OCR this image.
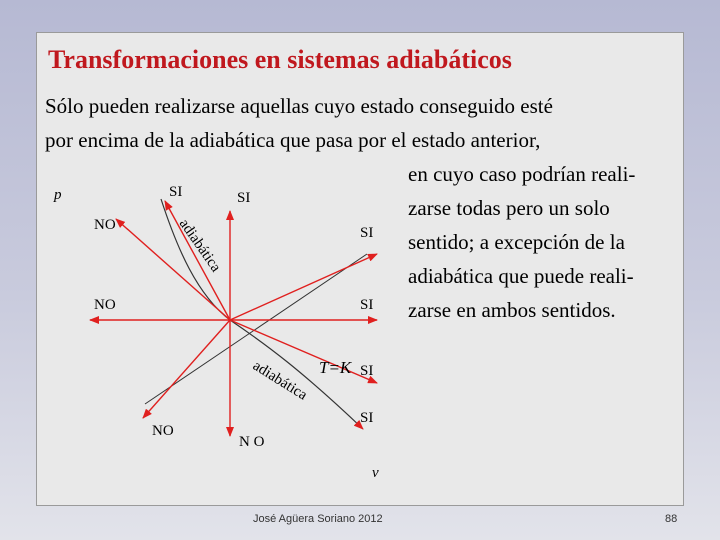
Transformaciones en sistemas adiabáticos
Sólo pueden realizarse aquellas cuyo estado conseguido esté
por encima de la adiabática que pasa por el estado anterior,
en cuyo caso podrían reali-
zarse todas pero un solo
sentido; a excepción de la
adiabática que puede reali-
zarse en ambos sentidos.
p
v
SI	SI
NO	SI
NO	SI
SI
SI
NO
N O
T=K
adiabática
adiabática
José Agüera Soriano 2012	88
